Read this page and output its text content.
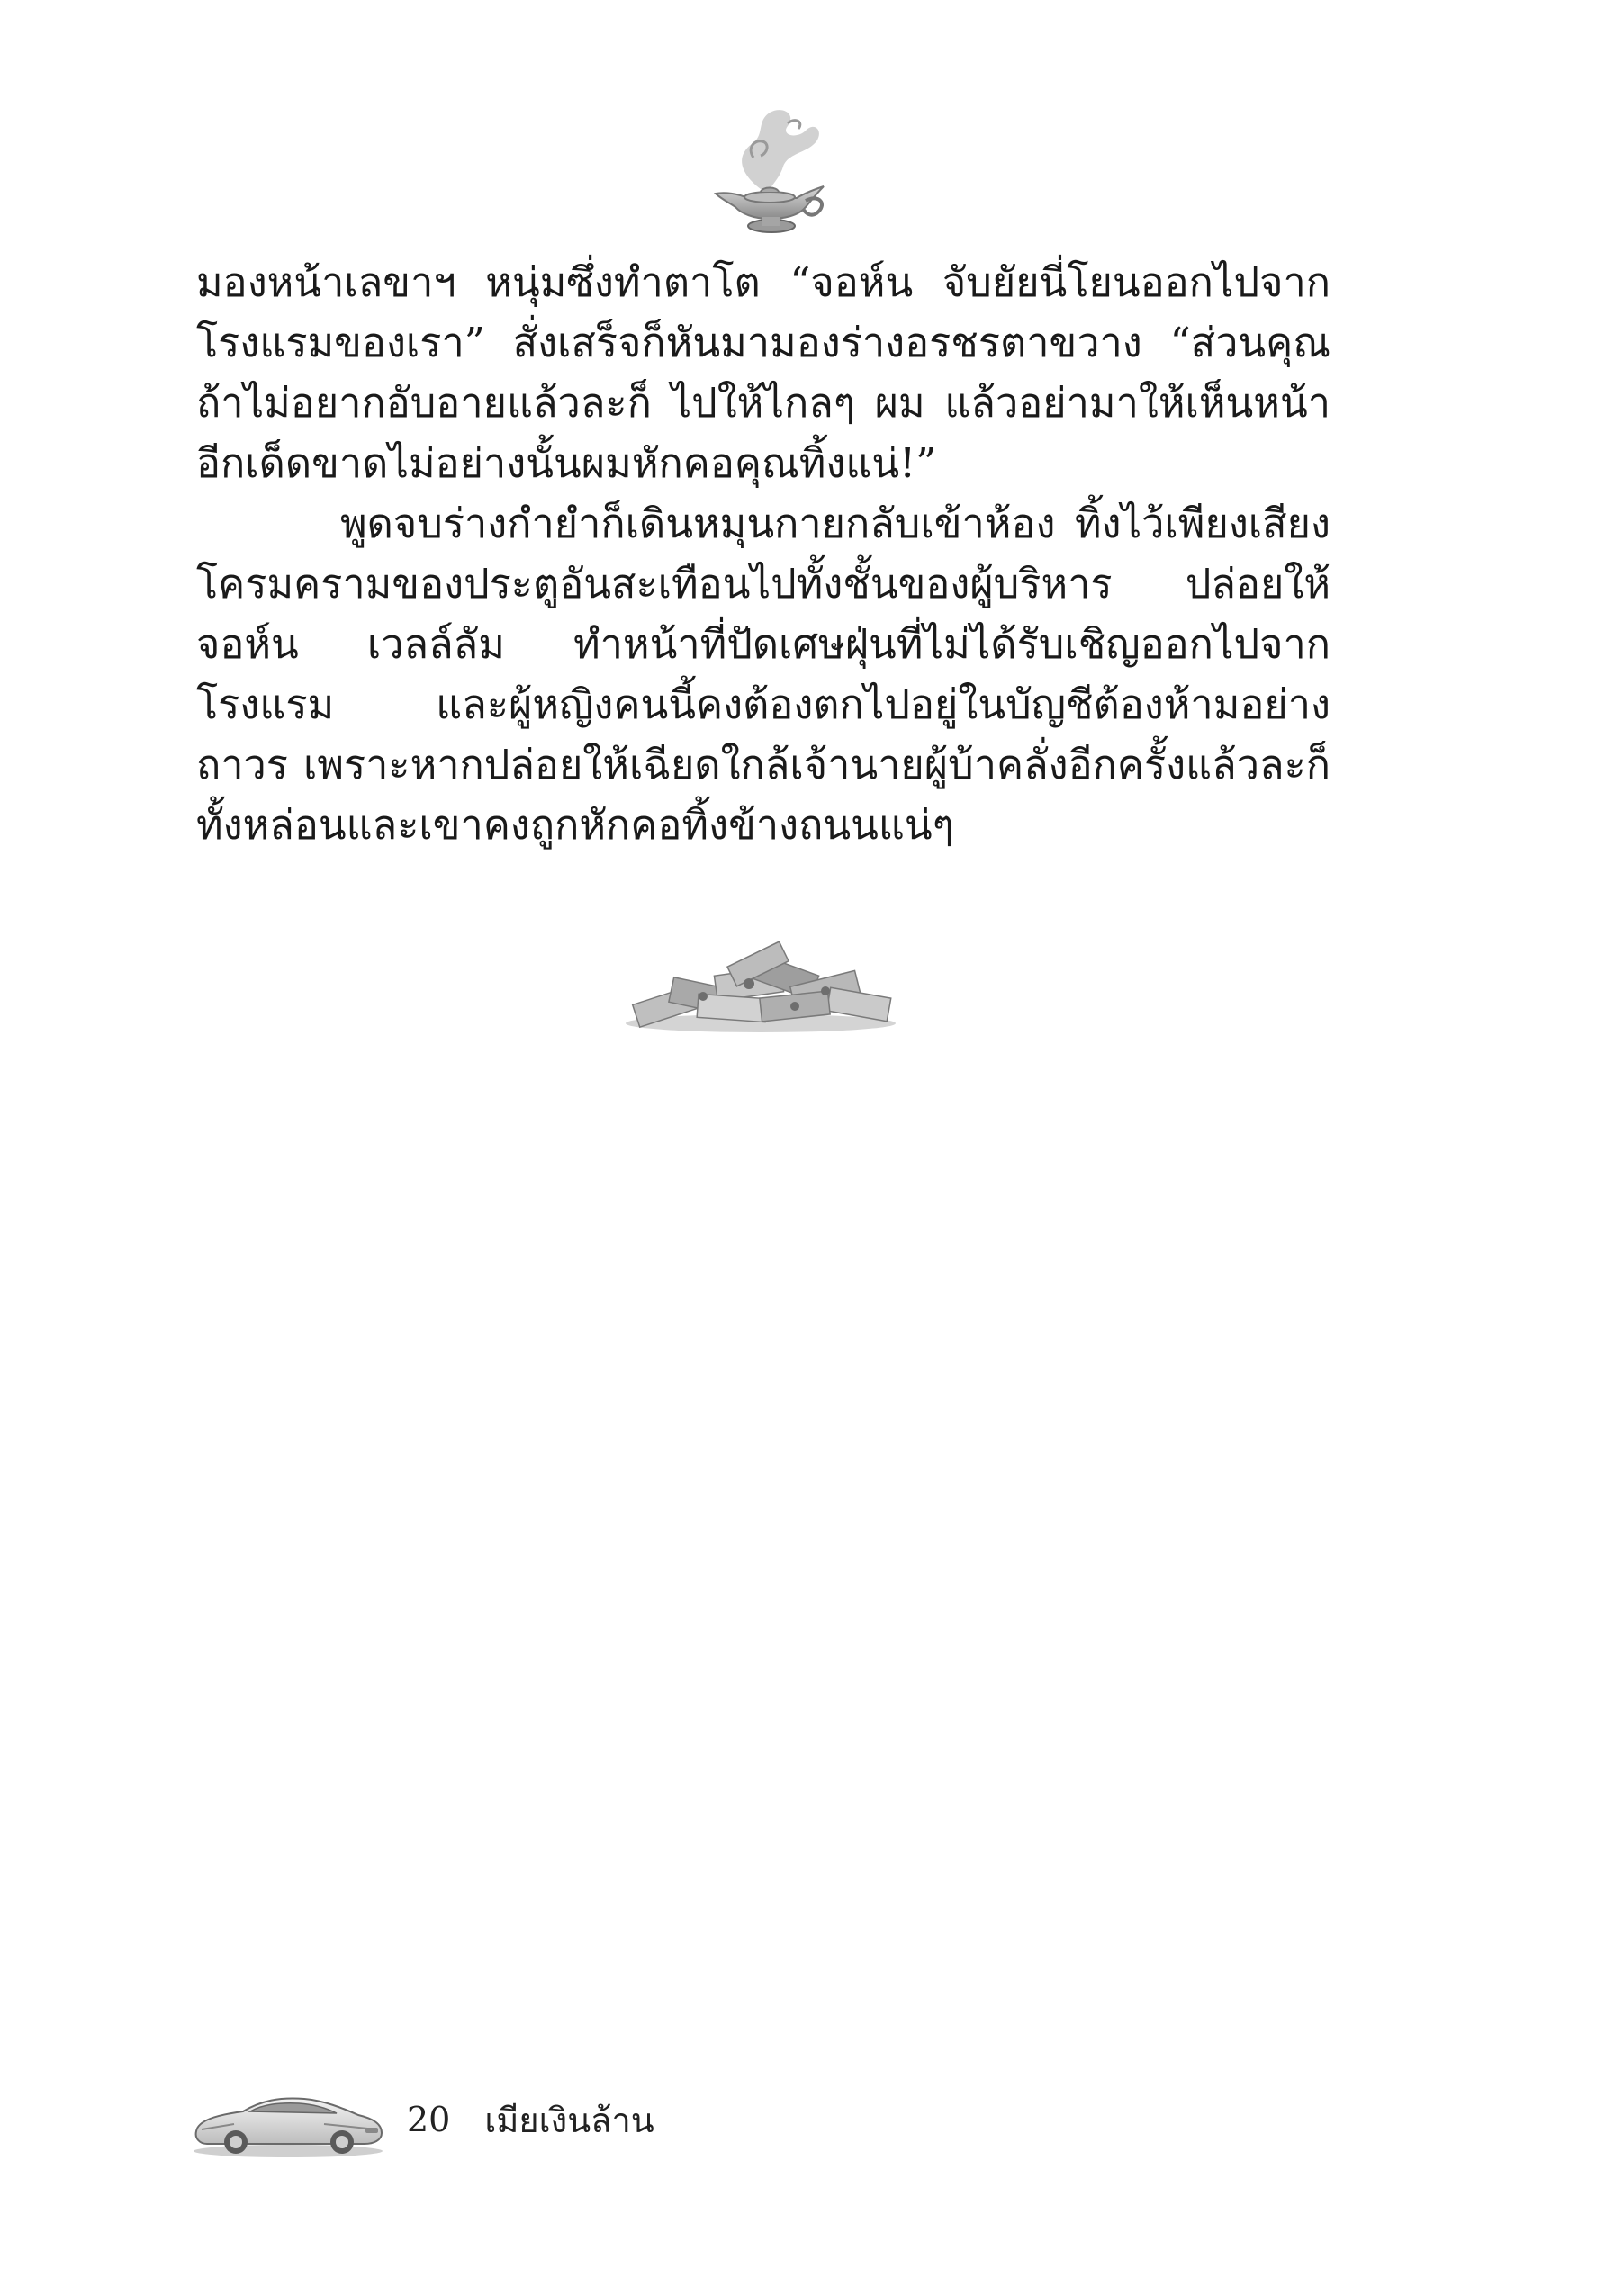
มองหน้าเลขาฯ หนุ่มซึ่งทำตาโต “จอห์น จับยัยนี่โยนออกไปจากโรงแรมของเรา” สั่งเสร็จก็หันมามองร่างอรชรตาขวาง “ส่วนคุณ ถ้าไม่อยากอับอายแล้วละก็ ไปให้ไกลๆ ผม แล้วอย่ามาให้เห็นหน้าอีกเด็ดขาดไม่อย่างนั้นผมหักคอคุณทิ้งแน่!”

พูดจบร่างกำยำก็เดินหมุนกายกลับเข้าห้อง ทิ้งไว้เพียงเสียงโครมครามของประตูอันสะเทือนไปทั้งชั้นของผู้บริหาร ปล่อยให้ จอห์น เวลล์ลัม ทำหน้าที่ปัดเศษฝุ่นที่ไม่ได้รับเชิญออกไปจากโรงแรม และผู้หญิงคนนี้คงต้องตกไปอยู่ในบัญชีต้องห้ามอย่างถาวร เพราะหากปล่อยให้เฉียดใกล้เจ้านายผู้บ้าคลั่งอีกครั้งแล้วละก็ ทั้งหล่อนและเขาคงถูกหักคอทิ้งข้างถนนแน่ๆ

20 เมียเงินล้าน
